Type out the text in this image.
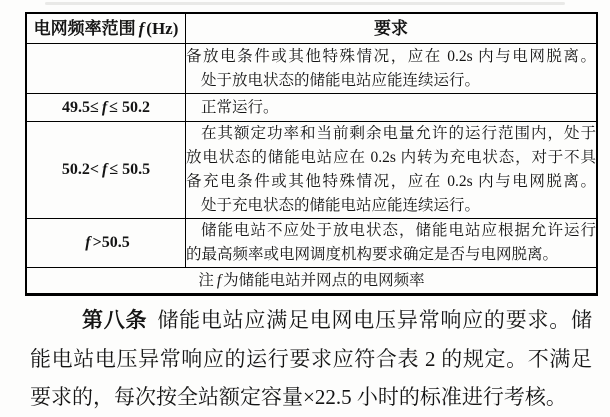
电网频率范围 f (Hz)	要求

	备放电条件或其他特殊情况，应在 0.2s 内与电网脱离。
处于放电状态的储能电站应能连续运行。

49.5≤ f ≤ 50.2	正常运行。

50.2< f ≤ 50.5	在其额定功率和当前剩余电量允许的运行范围内，处于
放电状态的储能电站应在 0.2s 内转为充电状态，对于不具
备充电条件或其他特殊情况，应在 0.2s 内与电网脱离。
处于充电状态的储能电站应能连续运行。

f >50.5	储能电站不应处于放电状态，储能电站应根据允许运行
的最高频率或电网调度机构要求确定是否与电网脱离。

注 f 为储能电站并网点的电网频率	
第八条 储能电站应满足电网电压异常响应的要求。储
能电站电压异常响应的运行要求应符合表 2 的规定。不满足
要求的，每次按全站额定容量×22.5 小时的标准进行考核。
